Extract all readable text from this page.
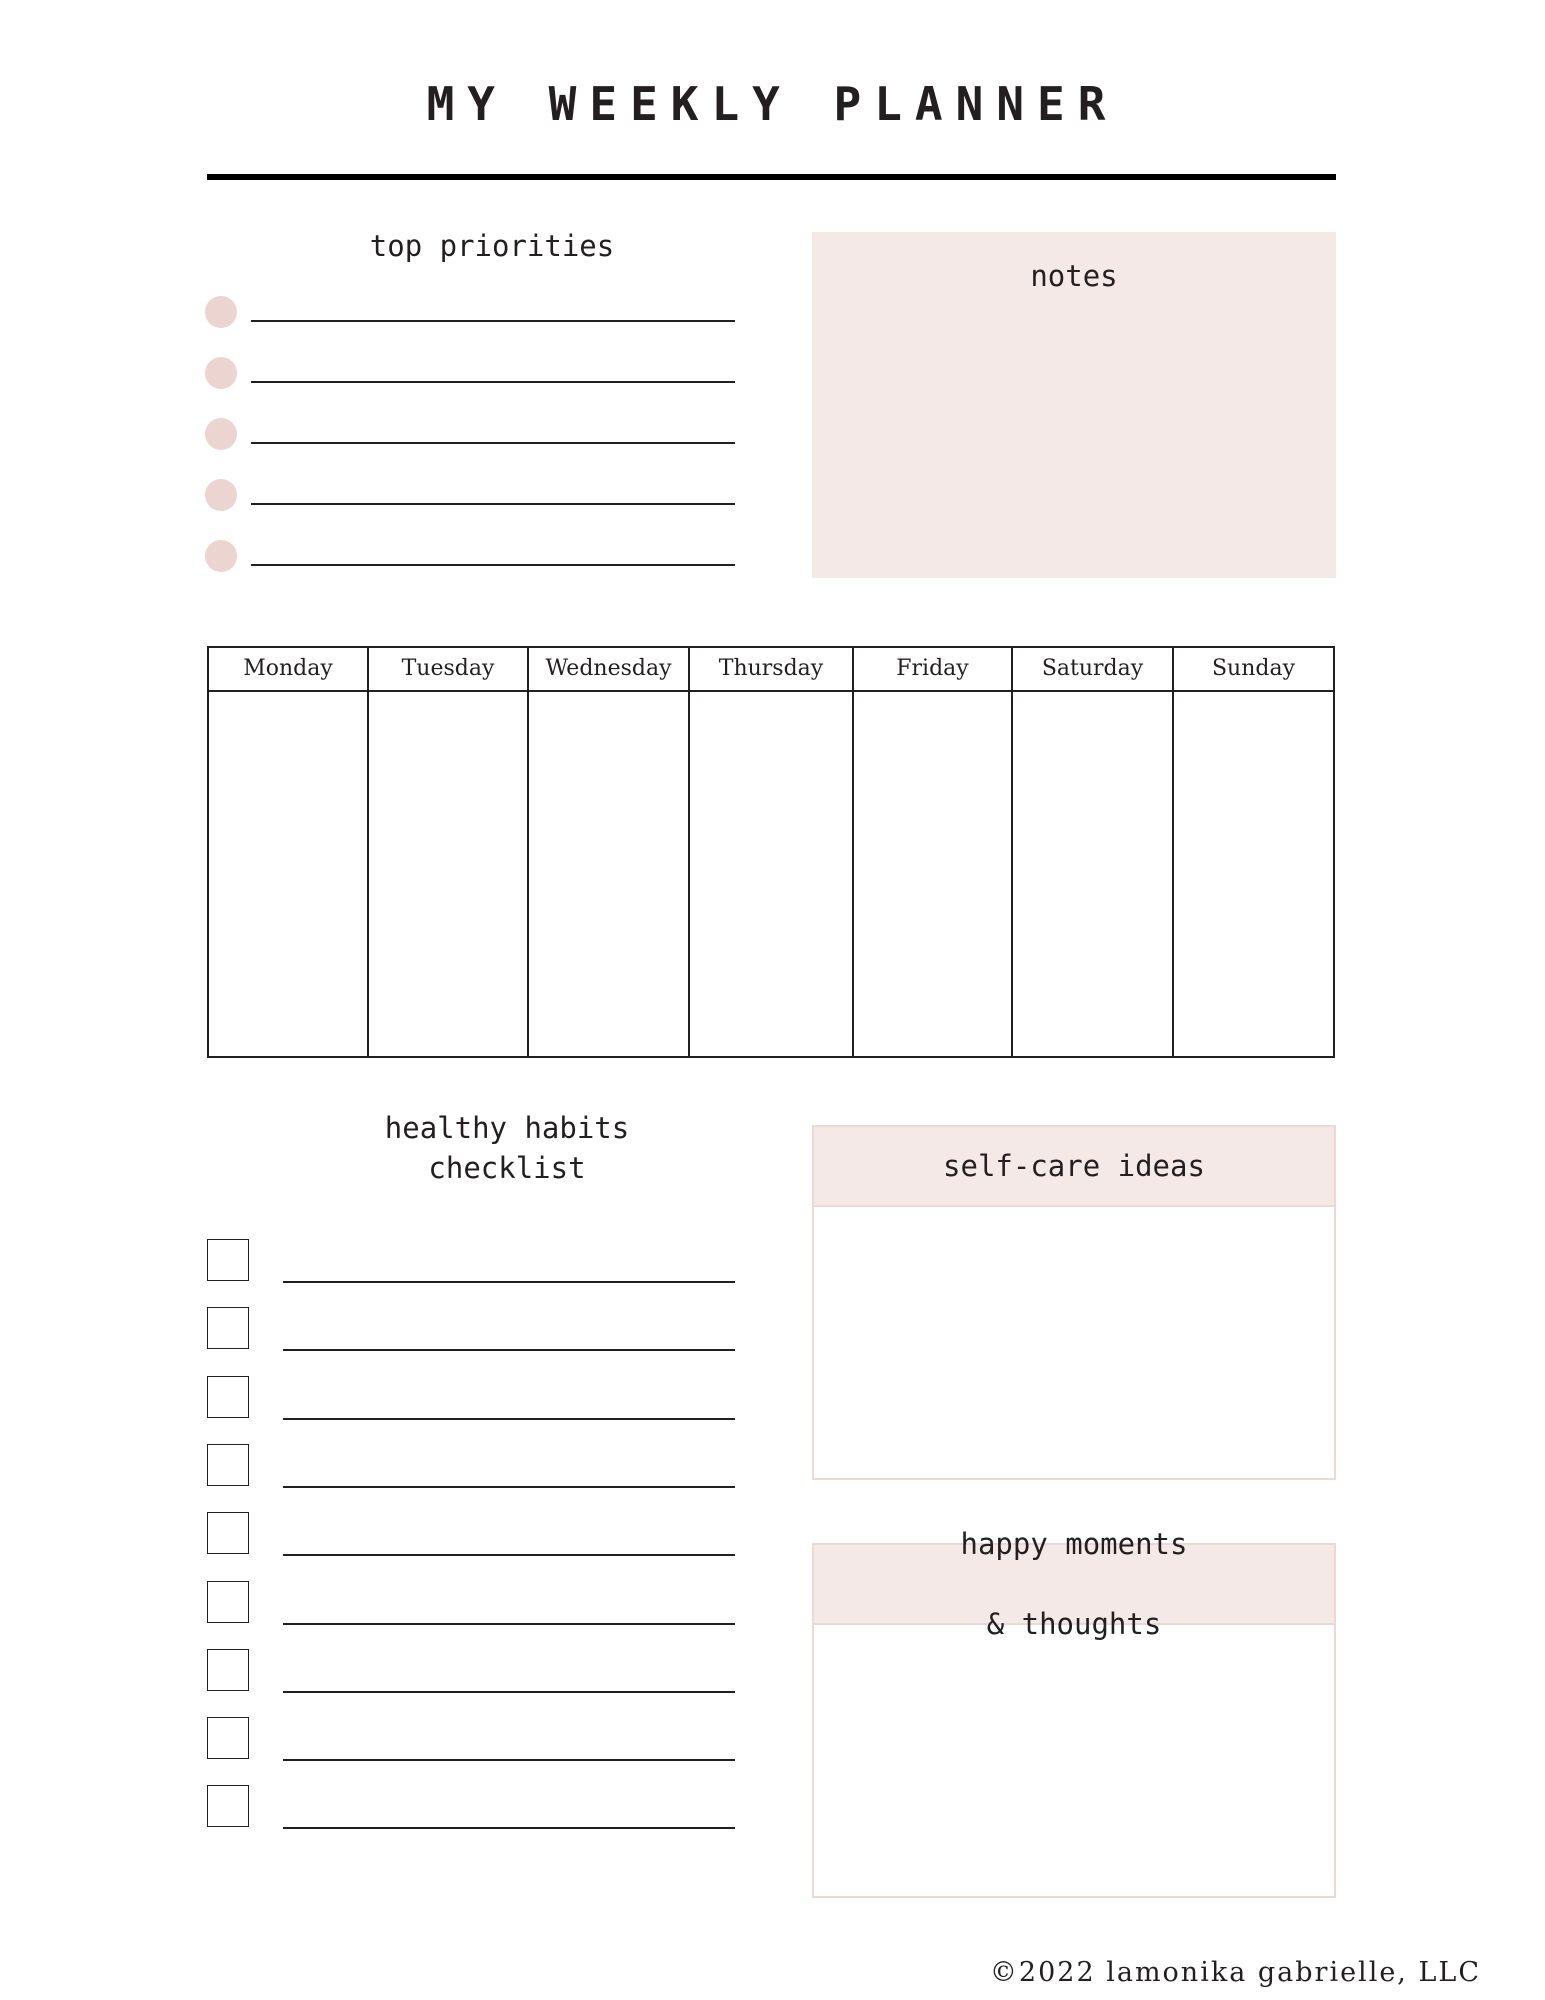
MY WEEKLY PLANNER
top priorities
notes
Monday	Tuesday	Wednesday	Thursday	Friday	Saturday	Sunday
healthy habits
checklist	self-care ideas

happy moments

& thoughts

©2022 lamonika gabrielle, LLC
